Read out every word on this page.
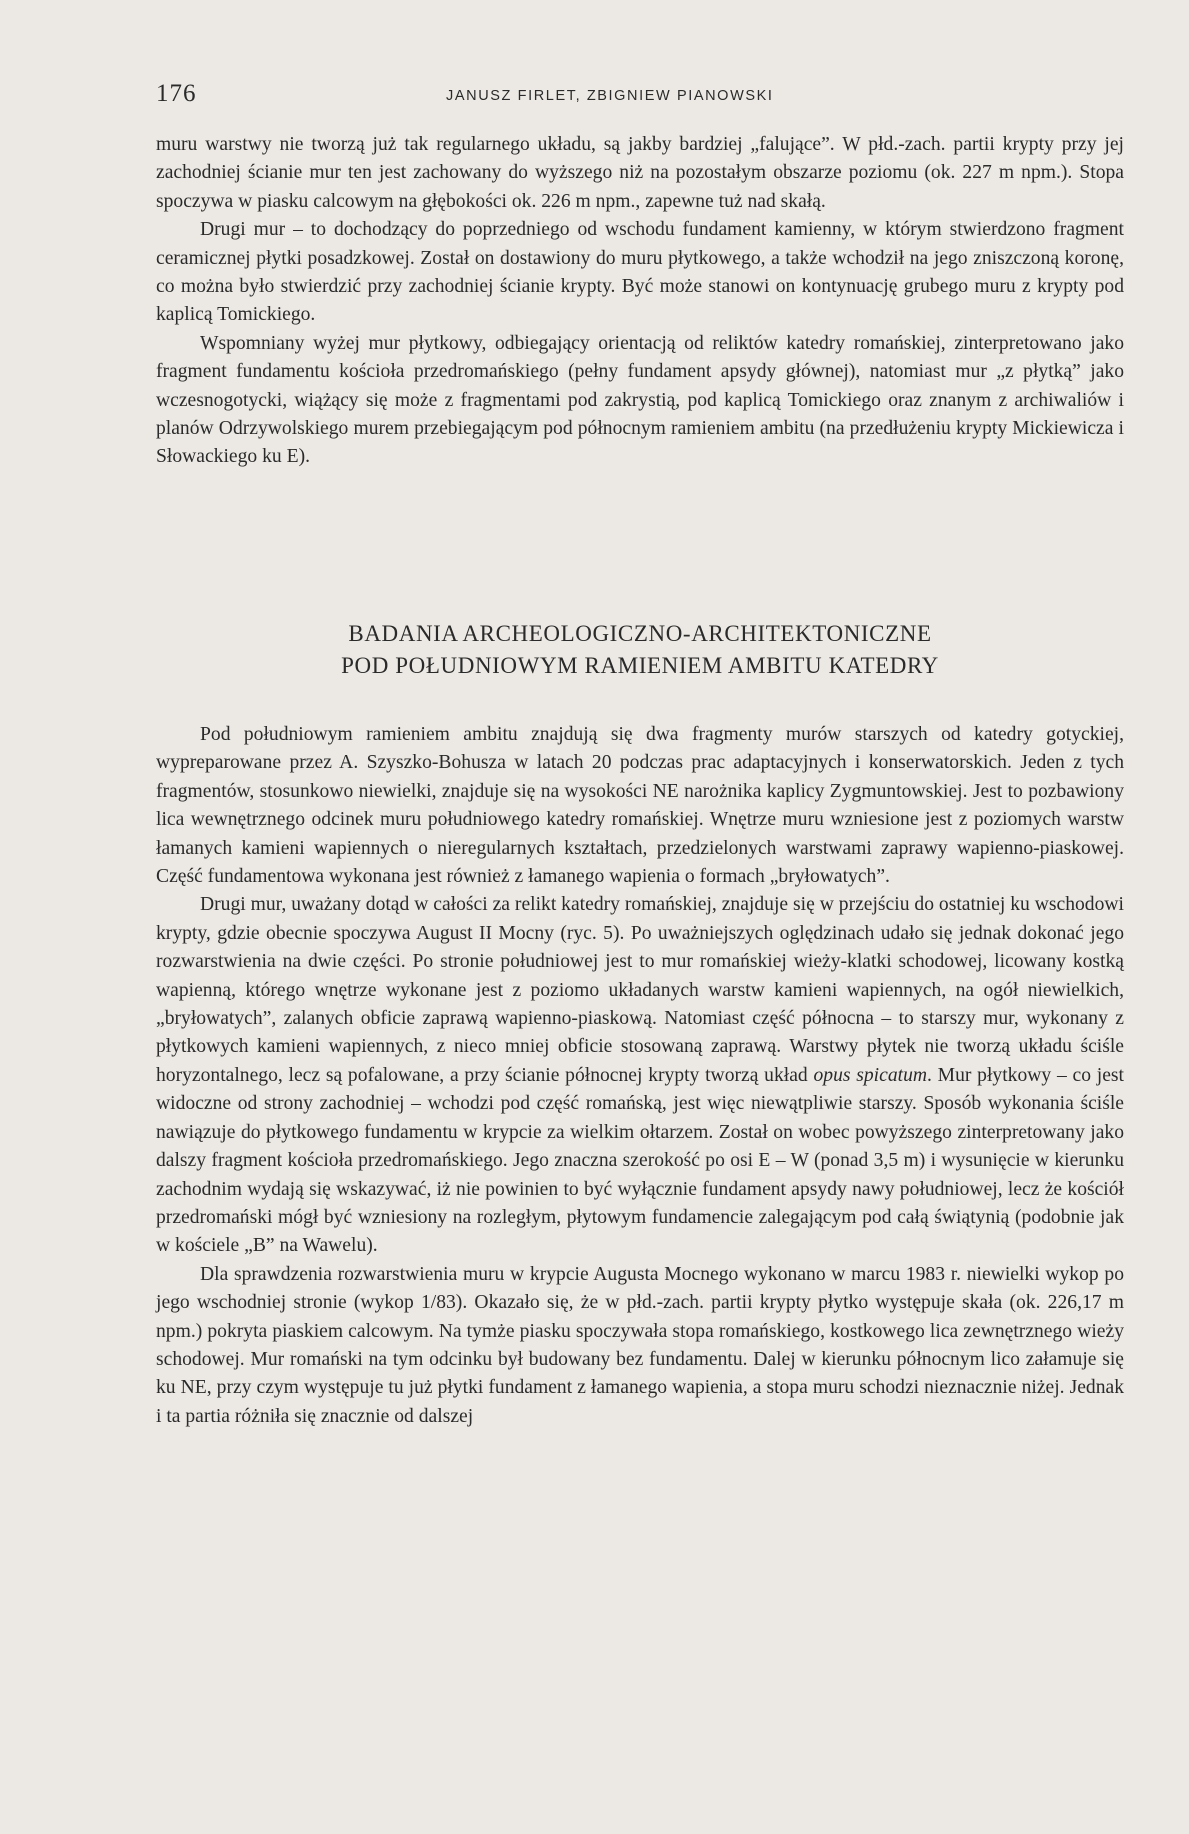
176	JANUSZ FIRLET, ZBIGNIEW PIANOWSKI

muru warstwy nie tworzą już tak regularnego układu, są jakby bardziej „falujące”. W płd.-zach. partii krypty przy jej zachodniej ścianie mur ten jest zachowany do wyższego niż na pozostałym obszarze poziomu (ok. 227 m npm.). Stopa spoczywa w piasku calcowym na głębokości ok. 226 m npm., zapewne tuż nad skałą.

Drugi mur – to dochodzący do poprzedniego od wschodu fundament kamienny, w którym stwierdzono fragment ceramicznej płytki posadzkowej. Został on dostawiony do muru płytkowego, a także wchodził na jego zniszczoną koronę, co można było stwierdzić przy zachodniej ścianie krypty. Być może stanowi on kontynuację grubego muru z krypty pod kaplicą Tomickiego.

Wspomniany wyżej mur płytkowy, odbiegający orientacją od reliktów katedry romańskiej, zinterpretowano jako fragment fundamentu kościoła przedromańskiego (pełny fundament apsydy głównej), natomiast mur „z płytką” jako wczesnogotycki, wiążący się może z fragmentami pod zakrystią, pod kaplicą Tomickiego oraz znanym z archiwaliów i planów Odrzywolskiego murem przebiegającym pod północnym ramieniem ambitu (na przedłużeniu krypty Mickiewicza i Słowackiego ku E).

BADANIA ARCHEOLOGICZNO-ARCHITEKTONICZNE
POD POŁUDNIOWYM RAMIENIEM AMBITU KATEDRY

Pod południowym ramieniem ambitu znajdują się dwa fragmenty murów starszych od katedry gotyckiej, wypreparowane przez A. Szyszko-Bohusza w latach 20 podczas prac adaptacyjnych i konserwatorskich. Jeden z tych fragmentów, stosunkowo niewielki, znajduje się na wysokości NE narożnika kaplicy Zygmuntowskiej. Jest to pozbawiony lica wewnętrznego odcinek muru południowego katedry romańskiej. Wnętrze muru wzniesione jest z poziomych warstw łamanych kamieni wapiennych o nieregularnych kształtach, przedzielonych warstwami zaprawy wapienno-piaskowej. Część fundamentowa wykonana jest również z łamanego wapienia o formach „bryłowatych”.

Drugi mur, uważany dotąd w całości za relikt katedry romańskiej, znajduje się w przejściu do ostatniej ku wschodowi krypty, gdzie obecnie spoczywa August II Mocny (ryc. 5). Po uważniejszych oględzinach udało się jednak dokonać jego rozwarstwienia na dwie części. Po stronie południowej jest to mur romańskiej wieży-klatki schodowej, licowany kostką wapienną, którego wnętrze wykonane jest z poziomo układanych warstw kamieni wapiennych, na ogół niewielkich, „bryłowatych”, zalanych obficie zaprawą wapienno-piaskową. Natomiast część północna – to starszy mur, wykonany z płytkowych kamieni wapiennych, z nieco mniej obficie stosowaną zaprawą. Warstwy płytek nie tworzą układu ściśle horyzontalnego, lecz są pofalowane, a przy ścianie północnej krypty tworzą układ opus spicatum. Mur płytkowy – co jest widoczne od strony zachodniej – wchodzi pod część romańską, jest więc niewątpliwie starszy. Sposób wykonania ściśle nawiązuje do płytkowego fundamentu w krypcie za wielkim ołtarzem. Został on wobec powyższego zinterpretowany jako dalszy fragment kościoła przedromańskiego. Jego znaczna szerokość po osi E – W (ponad 3,5 m) i wysunięcie w kierunku zachodnim wydają się wskazywać, iż nie powinien to być wyłącznie fundament apsydy nawy południowej, lecz że kościół przedromański mógł być wzniesiony na rozległym, płytowym fundamencie zalegającym pod całą świątynią (podobnie jak w kościele „B” na Wawelu).

Dla sprawdzenia rozwarstwienia muru w krypcie Augusta Mocnego wykonano w marcu 1983 r. niewielki wykop po jego wschodniej stronie (wykop 1/83). Okazało się, że w płd.-zach. partii krypty płytko występuje skała (ok. 226,17 m npm.) pokryta piaskiem calcowym. Na tymże piasku spoczywała stopa romańskiego, kostkowego lica zewnętrznego wieży schodowej. Mur romański na tym odcinku był budowany bez fundamentu. Dalej w kierunku północnym lico załamuje się ku NE, przy czym występuje tu już płytki fundament z łamanego wapienia, a stopa muru schodzi nieznacznie niżej. Jednak i ta partia różniła się znacznie od dalszej
